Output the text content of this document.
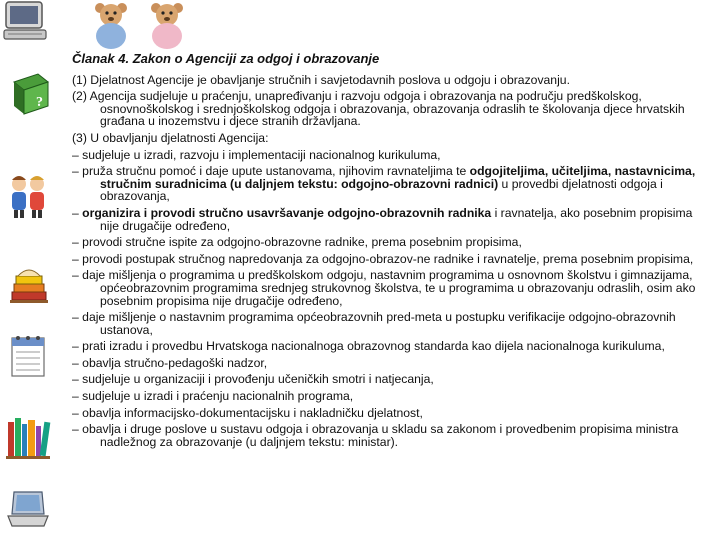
?
Članak 4. Zakon o Agenciji za odgoj i obrazovanje
(1) Djelatnost Agencije je obavljanje stručnih i savjetodavnih poslova u odgoju i obrazovanju.
(2) Agencija sudjeluje u praćenju, unapređivanju i razvoju odgoja i obrazovanja na području predškolskog, osnovnoškolskog i srednjoškolskog odgoja i obrazovanja, obrazovanja odraslih te školovanja djece hrvatskih građana u inozemstvu i djece stranih državljana.
(3) U obavljanju djelatnosti Agencija:
– sudjeluje u izradi, razvoju i implementaciji nacionalnog kurikuluma,
– pruža stručnu pomoć i daje upute ustanovama, njihovim ravnateljima te odgojiteljima, učiteljima, nastavnicima, stručnim suradnicima (u daljnjem tekstu: odgojno-obrazovni radnici) u provedbi djelatnosti odgoja i obrazovanja,
– organizira i provodi stručno usavršavanje odgojno-obrazovnih radnika i ravnatelja, ako posebnim propisima nije drugačije određeno,
– provodi stručne ispite za odgojno-obrazovne radnike, prema posebnim propisima,
– provodi postupak stručnog napredovanja za odgojno-obrazov-ne radnike i ravnatelje, prema posebnim propisima,
– daje mišljenja o programima u predškolskom odgoju, nastavnim programima u osnovnom školstvu i gimnazijama, općeobrazovnim programima srednjeg strukovnog školstva, te u programima u obrazovanju odraslih, osim ako posebnim propisima nije drugačije određeno,
– daje mišljenje o nastavnim programima općeobrazovnih pred-meta u postupku verifikacije odgojno-obrazovnih ustanova,
– prati izradu i provedbu Hrvatskoga nacionalnoga obrazovnog standarda kao dijela nacionalnoga kurikuluma,
– obavlja stručno-pedagoški nadzor,
– sudjeluje u organizaciji i provođenju učeničkih smotri i natjecanja,
– sudjeluje u izradi i praćenju nacionalnih programa,
– obavlja informacijsko-dokumentacijsku i nakladničku djelatnost,
– obavlja i druge poslove u sustavu odgoja i obrazovanja u skladu sa zakonom i provedbenim propisima ministra nadležnog za obrazovanje (u daljnjem tekstu: ministar).
